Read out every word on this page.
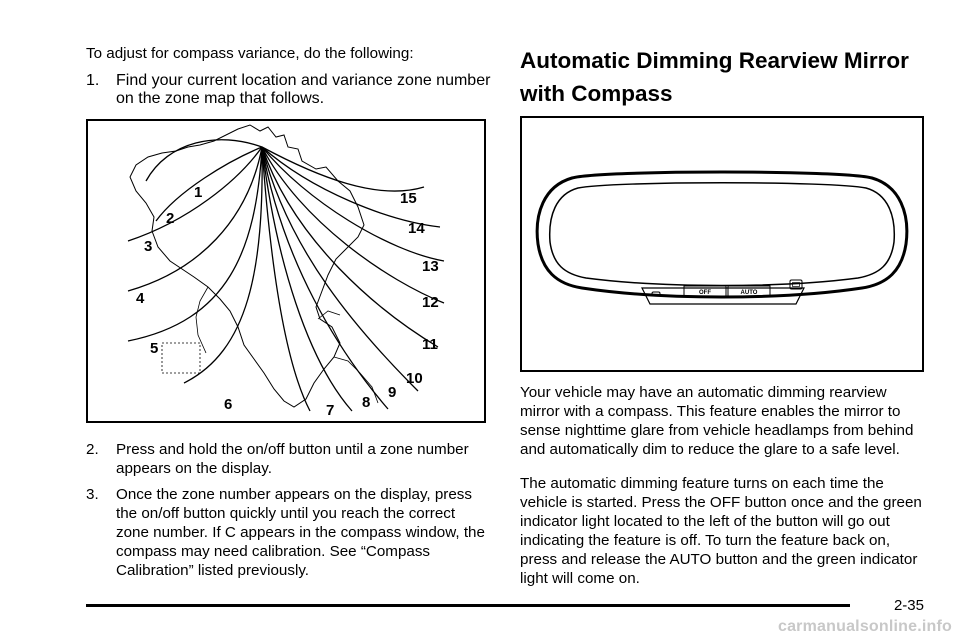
To adjust for compass variance, do the following:

1. Find your current location and variance zone number on the zone map that follows.
1
2
3
4
5
6	7 8
9
10
11
12
13
14
15
2. Press and hold the on/off button until a zone number appears on the display.
3. Once the zone number appears on the display, press the on/off button quickly until you reach the correct zone number. If C appears in the compass window, the compass may need calibration. See “Compass Calibration” listed previously.
Automatic Dimming Rearview Mirror with Compass
OFF	AUTO

Your vehicle may have an automatic dimming rearview mirror with a compass. This feature enables the mirror to sense nighttime glare from vehicle headlamps from behind and automatically dim to reduce the glare to a safe level.

The automatic dimming feature turns on each time the vehicle is started. Press the OFF button once and the green indicator light located to the left of the button will go out indicating the feature is off. To turn the feature back on, press and release the AUTO button and the green indicator light will come on.

2-35
carmanualsonline.info
